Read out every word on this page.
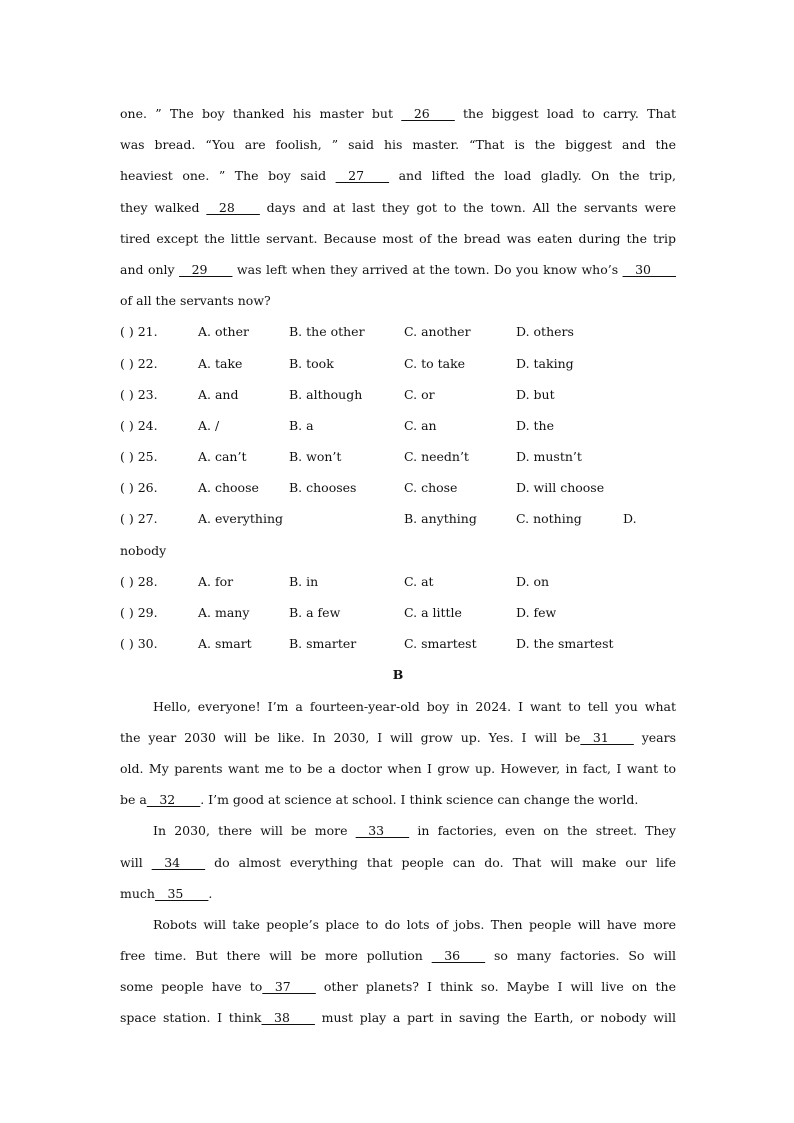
one. ” The boy thanked his master but __26____ the biggest load to carry. That
was bread. “You are foolish, ” said his master. “That is the biggest and the
heaviest one. ” The boy said __27____ and lifted the load gladly. On the trip,
they walked __28____ days and at last they got to the town. All the servants were
tired except the little servant. Because most of the bread was eaten during the trip
and only __29____ was left when they arrived at the town. Do you know who’s __30____
of all the servants now?
( ) 21.	A. other	B. the other	C. another	D. others
( ) 22.	A. take	B. took	C. to take	D. taking
( ) 23.	A. and	B. although	C. or	D. but
( ) 24.	A. /	B. a	C. an	D. the
( ) 25.	A. can’t	B. won’t	C. needn’t	D. mustn’t
( ) 26.	A. choose B. chooses	C. chose	D. will choose
( ) 27.	A. everything	B. anything	C. nothing	D.
nobody
( ) 28.	A. for	B. in	C. at	D. on
( ) 29.	A. many	B. a few	C. a little	D. few
( ) 30.	A. smart	B. smarter	C. smartest	D. the smartest
B
Hello, everyone! I’m a fourteen-year-old boy in 2024. I want to tell you what
the year 2030 will be like. In 2030, I will grow up. Yes. I will be__31____ years
old. My parents want me to be a doctor when I grow up. However, in fact, I want to
be a__32____. I’m good at science at school. I think science can change the world.
In 2030, there will be more __33____ in factories, even on the street. They
will __34____ do almost everything that people can do. That will make our life
much__35____.
Robots will take people’s place to do lots of jobs. Then people will have more
free time. But there will be more pollution __36____ so many factories. So will
some people have to__37____ other planets? I think so. Maybe I will live on the
space station. I think__38____ must play a part in saving the Earth, or nobody will
